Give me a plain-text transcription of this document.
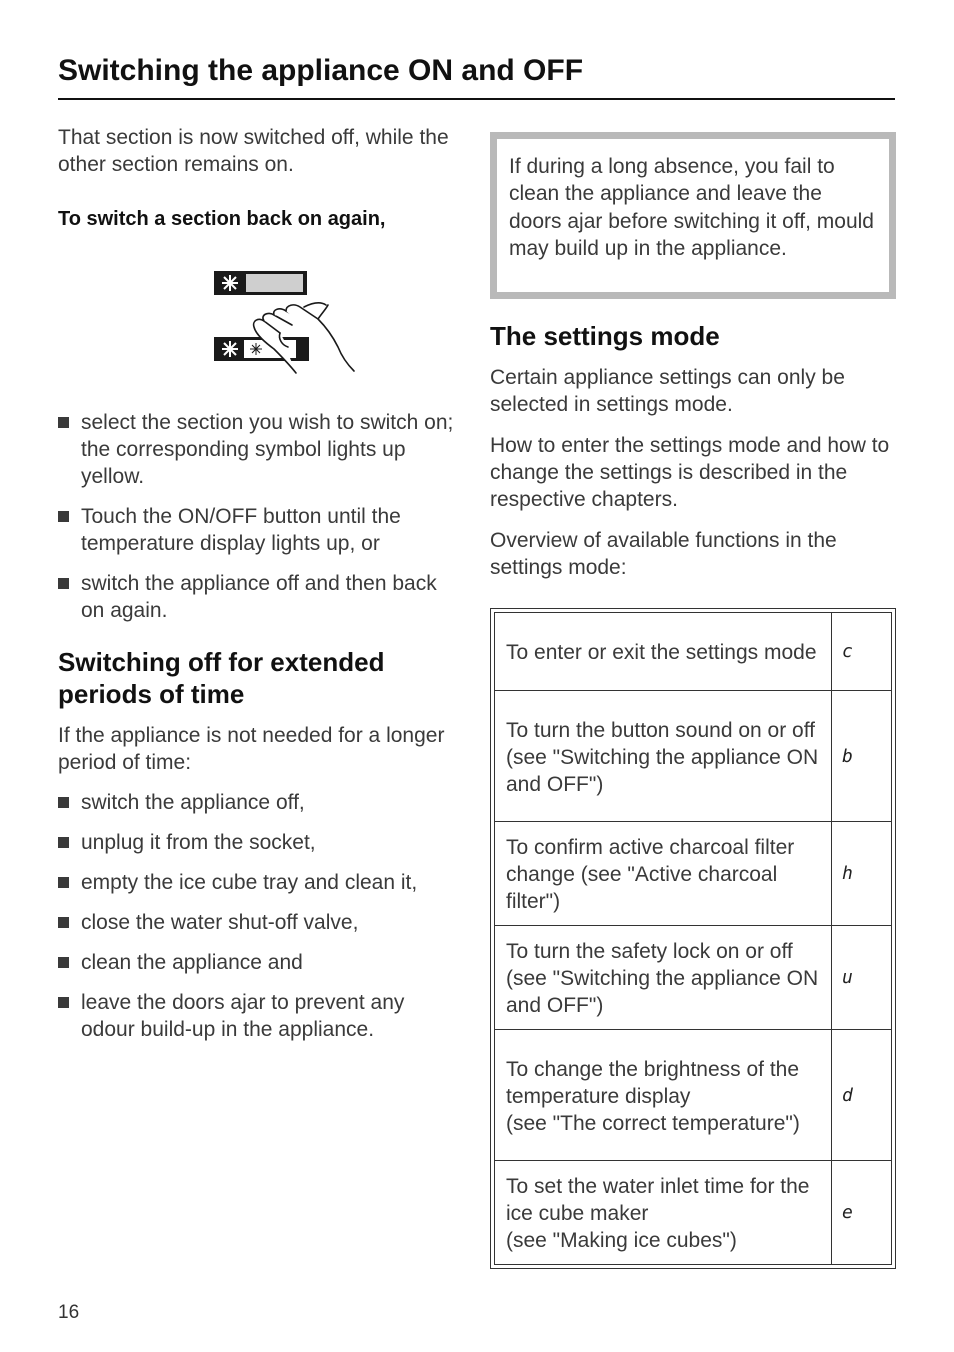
Switching the appliance ON and OFF

That section is now switched off, while the other section remains on.

To switch a section back on again,

select the section you wish to switch on; the corresponding symbol lights up yellow.
Touch the ON/OFF button until the temperature display lights up, or
switch the appliance off and then back on again.
Switching off for extended periods of time

If the appliance is not needed for a longer period of time:

switch the appliance off,
unplug it from the socket,
empty the ice cube tray and clean it,
close the water shut-off valve,
clean the appliance and
leave the doors ajar to prevent any odour build-up in the appliance.

If during a long absence, you fail to clean the appliance and leave the doors ajar before switching it off, mould may build up in the appliance.

The settings mode

Certain appliance settings can only be selected in settings mode.

How to enter the settings mode and how to change the settings is described in the respective chapters.

Overview of available functions in the settings mode:

To enter or exit the settings mode	c
To turn the button sound on or off
(see "Switching the appliance ON and OFF")	b
To confirm active charcoal filter change (see "Active charcoal filter")	h
To turn the safety lock on or off (see "Switching the appliance ON and OFF")	u
To change the brightness of the temperature display
(see "The correct temperature")	d
To set the water inlet time for the ice cube maker
(see "Making ice cubes")	e
16
